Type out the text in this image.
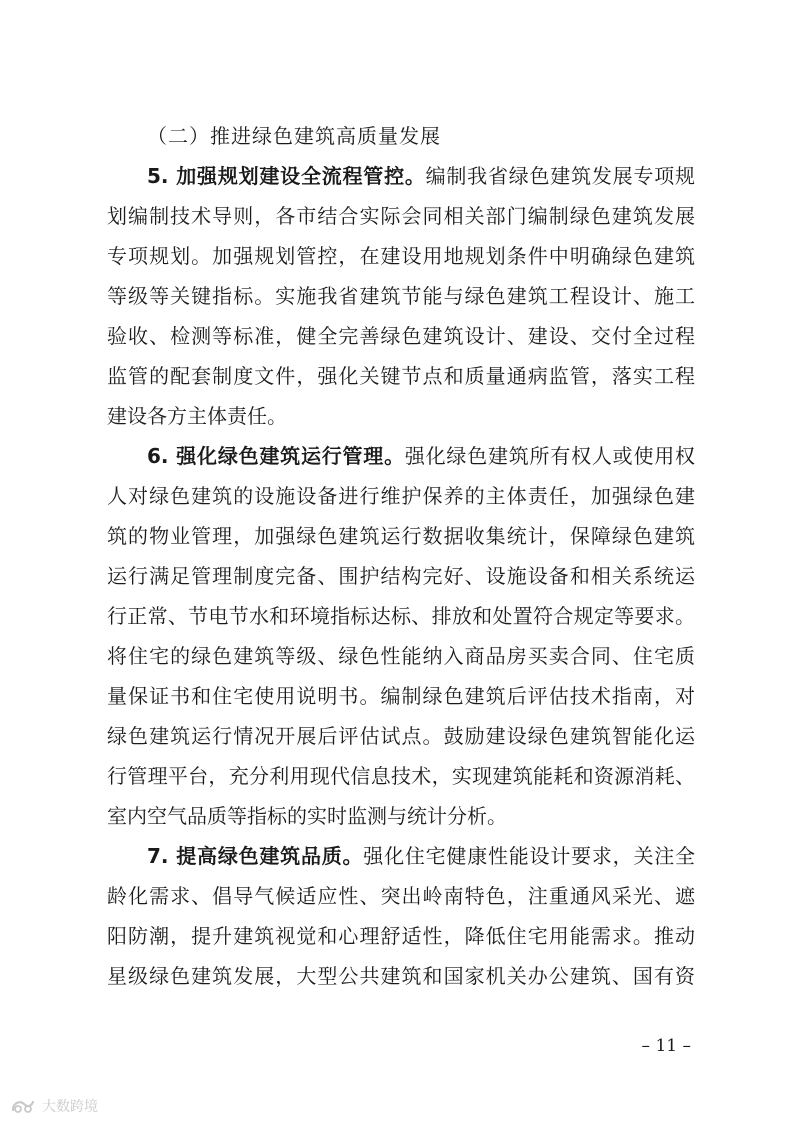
（二）推进绿色建筑高质量发展
5. 加强规划建设全流程管控。编制我省绿色建筑发展专项规
划编制技术导则，各市结合实际会同相关部门编制绿色建筑发展
专项规划。加强规划管控，在建设用地规划条件中明确绿色建筑
等级等关键指标。实施我省建筑节能与绿色建筑工程设计、施工
验收、检测等标准，健全完善绿色建筑设计、建设、交付全过程
监管的配套制度文件，强化关键节点和质量通病监管，落实工程
建设各方主体责任。
6. 强化绿色建筑运行管理。强化绿色建筑所有权人或使用权
人对绿色建筑的设施设备进行维护保养的主体责任，加强绿色建
筑的物业管理，加强绿色建筑运行数据收集统计，保障绿色建筑
运行满足管理制度完备、围护结构完好、设施设备和相关系统运
行正常、节电节水和环境指标达标、排放和处置符合规定等要求。
将住宅的绿色建筑等级、绿色性能纳入商品房买卖合同、住宅质
量保证书和住宅使用说明书。编制绿色建筑后评估技术指南，对
绿色建筑运行情况开展后评估试点。鼓励建设绿色建筑智能化运
行管理平台，充分利用现代信息技术，实现建筑能耗和资源消耗、
室内空气品质等指标的实时监测与统计分析。
7. 提高绿色建筑品质。强化住宅健康性能设计要求，关注全
龄化需求、倡导气候适应性、突出岭南特色，注重通风采光、遮
阳防潮，提升建筑视觉和心理舒适性，降低住宅用能需求。推动
星级绿色建筑发展，大型公共建筑和国家机关办公建筑、国有资
– 11 –
大数跨境
